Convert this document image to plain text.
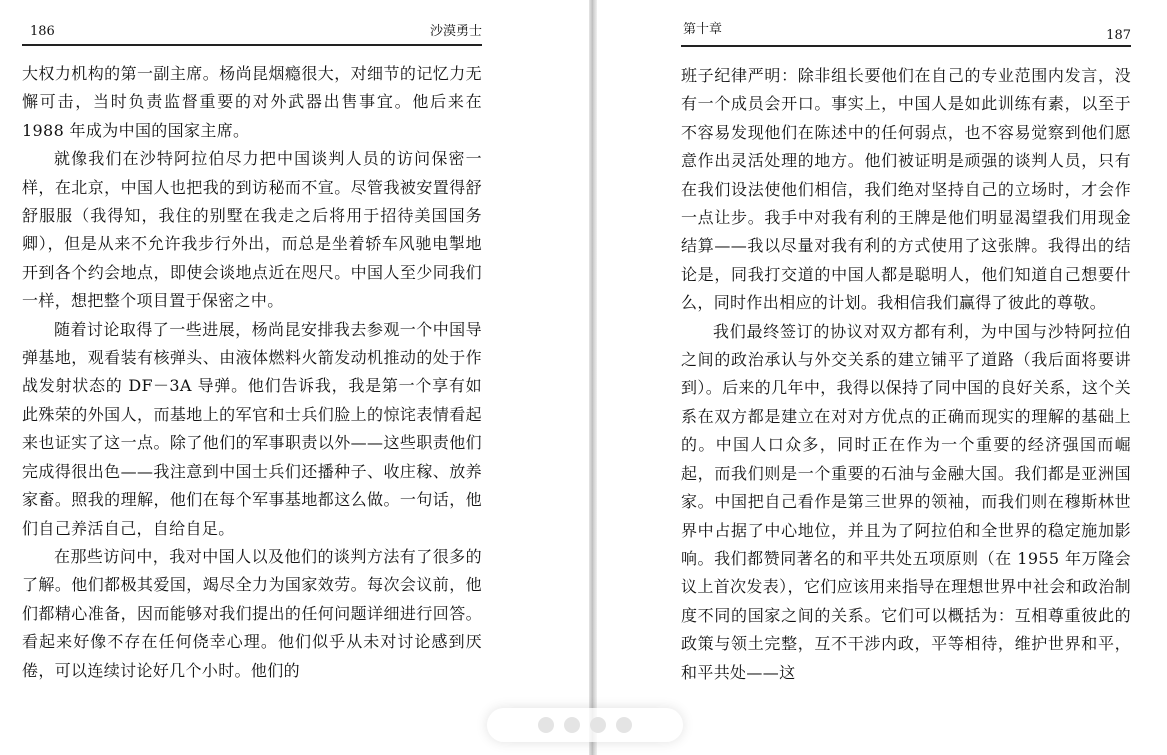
186	沙漠勇士

大权力机构的第一副主席。杨尚昆烟瘾很大，对细节的记忆力无懈可击，当时负责监督重要的对外武器出售事宜。他后来在 1988 年成为中国的国家主席。

就像我们在沙特阿拉伯尽力把中国谈判人员的访问保密一样，在北京，中国人也把我的到访秘而不宣。尽管我被安置得舒舒服服（我得知，我住的别墅在我走之后将用于招待美国国务卿），但是从来不允许我步行外出，而总是坐着轿车风驰电掣地开到各个约会地点，即使会谈地点近在咫尺。中国人至少同我们一样，想把整个项目置于保密之中。

随着讨论取得了一些进展，杨尚昆安排我去参观一个中国导弹基地，观看装有核弹头、由液体燃料火箭发动机推动的处于作战发射状态的 DF－3A 导弹。他们告诉我，我是第一个享有如此殊荣的外国人，而基地上的军官和士兵们脸上的惊诧表情看起来也证实了这一点。除了他们的军事职责以外——这些职责他们完成得很出色——我注意到中国士兵们还播种子、收庄稼、放养家畜。照我的理解，他们在每个军事基地都这么做。一句话，他们自己养活自己，自给自足。

在那些访问中，我对中国人以及他们的谈判方法有了很多的了解。他们都极其爱国，竭尽全力为国家效劳。每次会议前，他们都精心准备，因而能够对我们提出的任何问题详细进行回答。看起来好像不存在任何侥幸心理。他们似乎从未对讨论感到厌倦，可以连续讨论好几个小时。他们的

第十章	187

班子纪律严明：除非组长要他们在自己的专业范围内发言，没有一个成员会开口。事实上，中国人是如此训练有素，以至于不容易发现他们在陈述中的任何弱点，也不容易觉察到他们愿意作出灵活处理的地方。他们被证明是顽强的谈判人员，只有在我们设法使他们相信，我们绝对坚持自己的立场时，才会作一点让步。我手中对我有利的王牌是他们明显渴望我们用现金结算——我以尽量对我有利的方式使用了这张牌。我得出的结论是，同我打交道的中国人都是聪明人，他们知道自己想要什么，同时作出相应的计划。我相信我们赢得了彼此的尊敬。

我们最终签订的协议对双方都有利，为中国与沙特阿拉伯之间的政治承认与外交关系的建立铺平了道路（我后面将要讲到）。后来的几年中，我得以保持了同中国的良好关系，这个关系在双方都是建立在对对方优点的正确而现实的理解的基础上的。中国人口众多，同时正在作为一个重要的经济强国而崛起，而我们则是一个重要的石油与金融大国。我们都是亚洲国家。中国把自己看作是第三世界的领袖，而我们则在穆斯林世界中占据了中心地位，并且为了阿拉伯和全世界的稳定施加影响。我们都赞同著名的和平共处五项原则（在 1955 年万隆会议上首次发表），它们应该用来指导在理想世界中社会和政治制度不同的国家之间的关系。它们可以概括为：互相尊重彼此的政策与领土完整，互不干涉内政，平等相待，维护世界和平，和平共处——这
